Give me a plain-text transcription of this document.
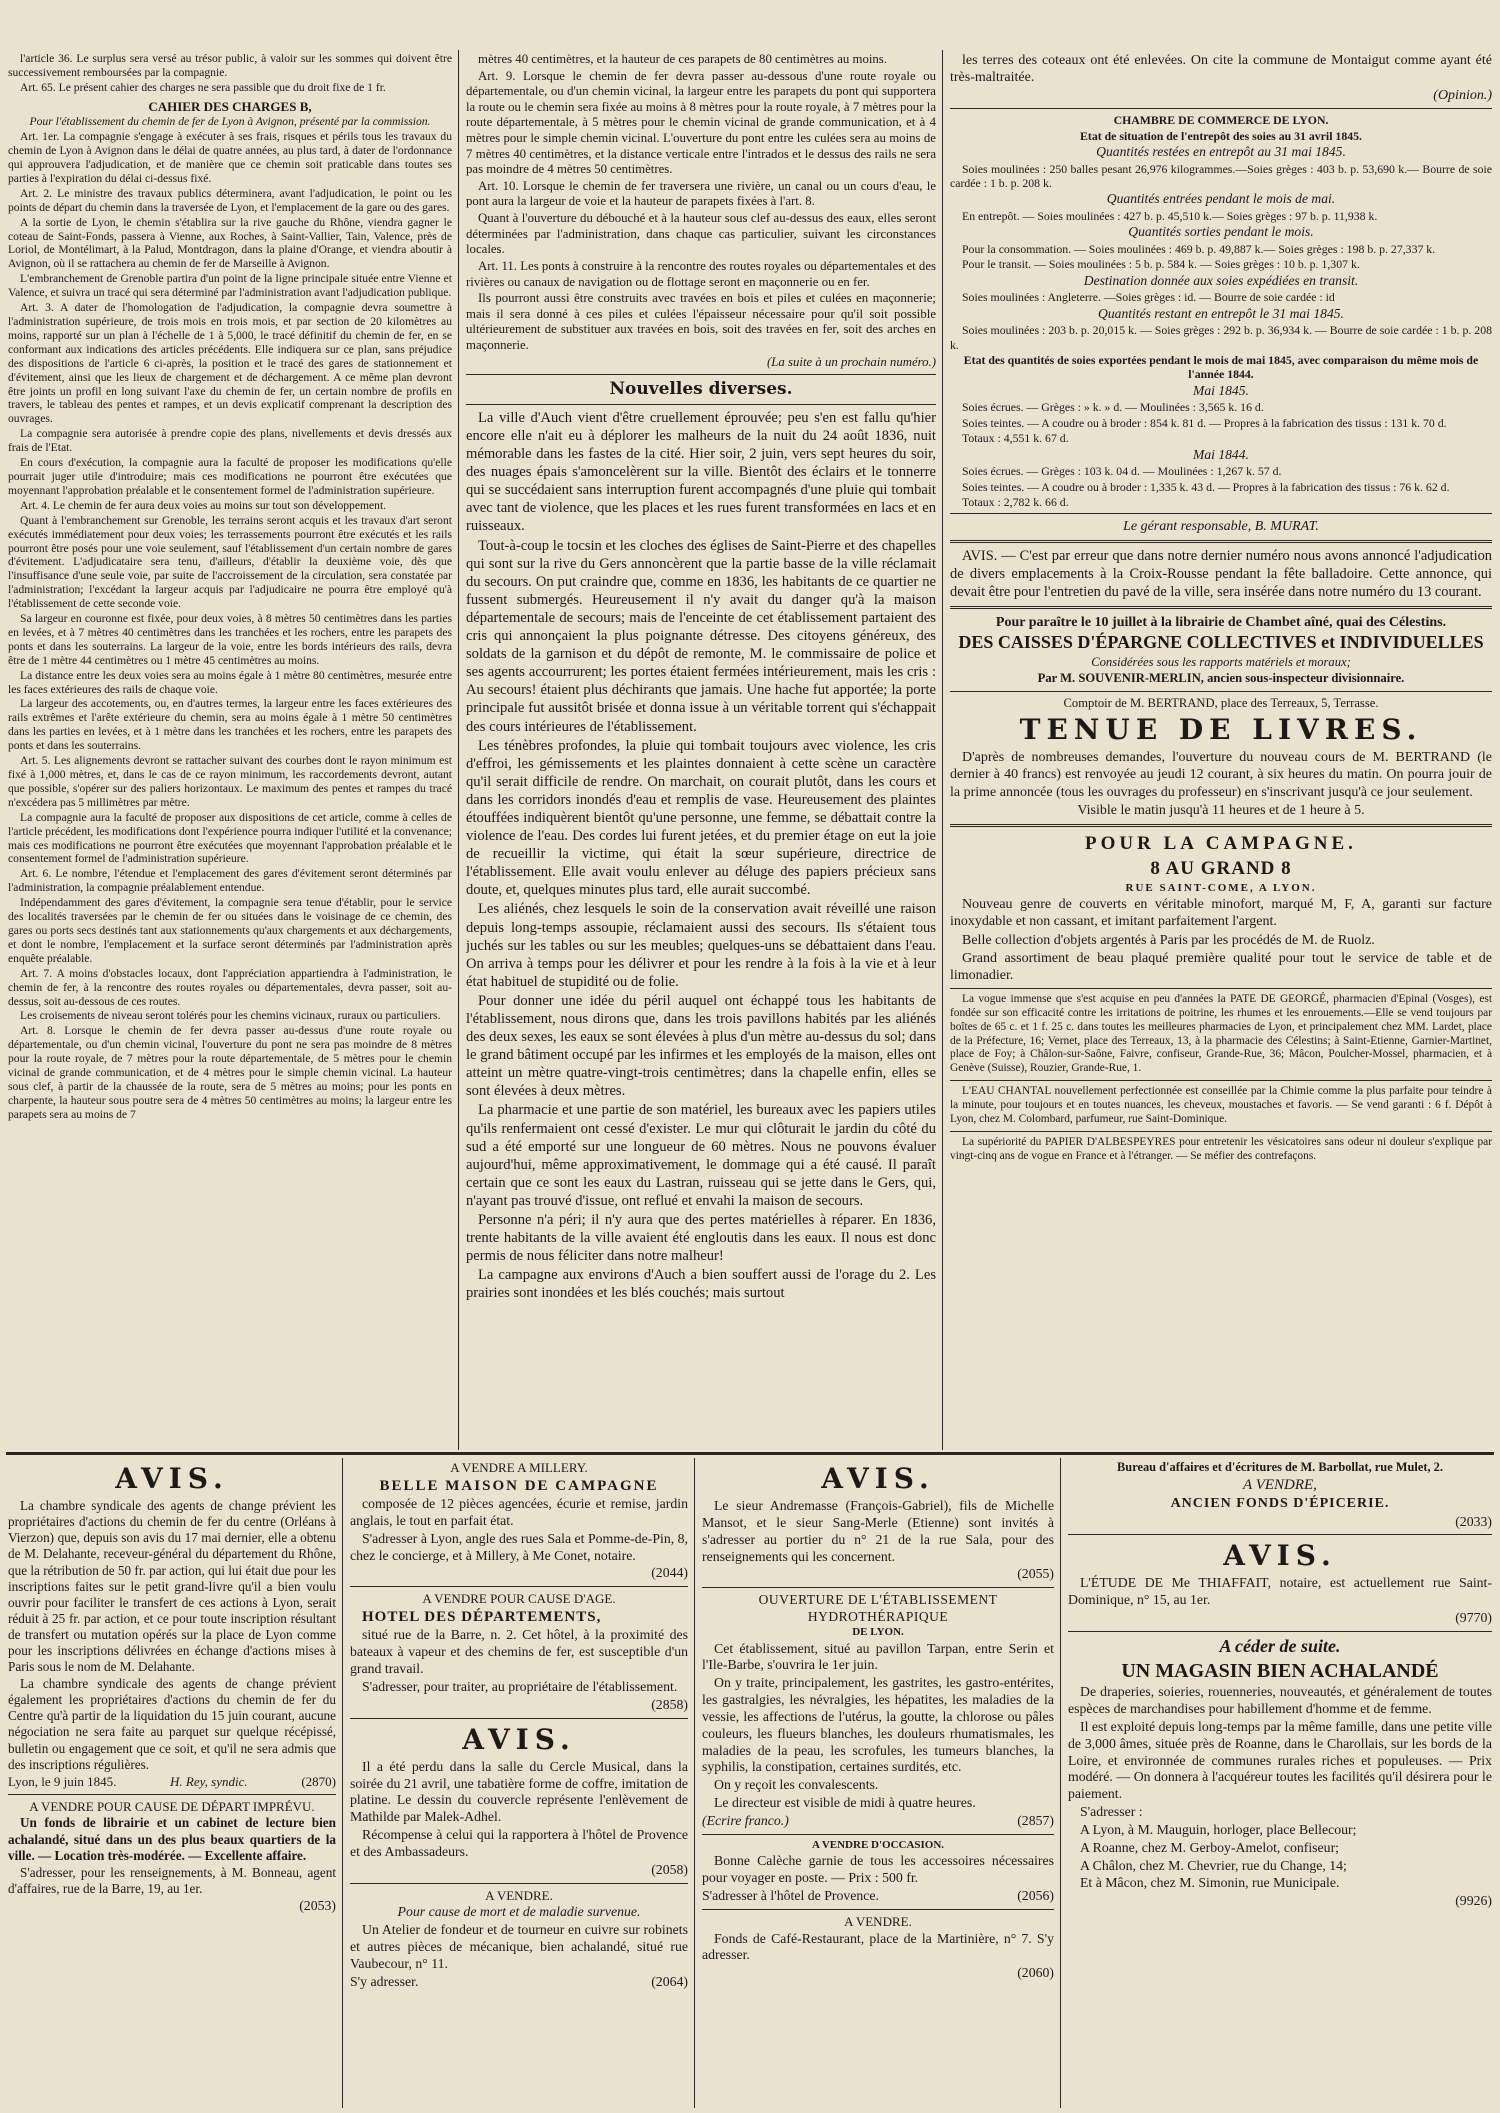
l'article 36. Le surplus sera versé au trésor public, à valoir sur les sommes qui doivent être successivement remboursées par la compagnie.

Art. 65. Le présent cahier des charges ne sera passible que du droit fixe de 1 fr.

CAHIER DES CHARGES B,

Pour l'établissement du chemin de fer de Lyon à Avignon, présenté par la commission.

Art. 1er. La compagnie s'engage à exécuter à ses frais, risques et périls tous les travaux du chemin de Lyon à Avignon dans le délai de quatre années, au plus tard, à dater de l'ordonnance qui approuvera l'adjudication, et de manière que ce chemin soit praticable dans toutes ses parties à l'expiration du délai ci-dessus fixé.

Art. 2. Le ministre des travaux publics déterminera, avant l'adjudication, le point ou les points de départ du chemin dans la traversée de Lyon, et l'emplacement de la gare ou des gares.

A la sortie de Lyon, le chemin s'établira sur la rive gauche du Rhône, viendra gagner le coteau de Saint-Fonds, passera à Vienne, aux Roches, à Saint-Vallier, Tain, Valence, près de Loriol, de Montélimart, à la Palud, Montdragon, dans la plaine d'Orange, et viendra aboutir à Avignon, où il se rattachera au chemin de fer de Marseille à Avignon.

L'embranchement de Grenoble partira d'un point de la ligne principale située entre Vienne et Valence, et suivra un tracé qui sera déterminé par l'administration avant l'adjudication publique.

Art. 3. A dater de l'homologation de l'adjudication, la compagnie devra soumettre à l'administration supérieure, de trois mois en trois mois, et par section de 20 kilomètres au moins, rapporté sur un plan à l'échelle de 1 à 5,000, le tracé définitif du chemin de fer, en se conformant aux indications des articles précédents. Elle indiquera sur ce plan, sans préjudice des dispositions de l'article 6 ci-après, la position et le tracé des gares de stationnement et d'évitement, ainsi que les lieux de chargement et de déchargement. A ce même plan devront être joints un profil en long suivant l'axe du chemin de fer, un certain nombre de profils en travers, le tableau des pentes et rampes, et un devis explicatif comprenant la description des ouvrages.

La compagnie sera autorisée à prendre copie des plans, nivellements et devis dressés aux frais de l'Etat.

En cours d'exécution, la compagnie aura la faculté de proposer les modifications qu'elle pourrait juger utile d'introduire; mais ces modifications ne pourront être exécutées que moyennant l'approbation préalable et le consentement formel de l'administration supérieure.

Art. 4. Le chemin de fer aura deux voies au moins sur tout son développement.

Quant à l'embranchement sur Grenoble, les terrains seront acquis et les travaux d'art seront exécutés immédiatement pour deux voies; les terrassements pourront être exécutés et les rails pourront être posés pour une voie seulement, sauf l'établissement d'un certain nombre de gares d'évitement. L'adjudicataire sera tenu, d'ailleurs, d'établir la deuxième voie, dès que l'insuffisance d'une seule voie, par suite de l'accroissement de la circulation, sera constatée par l'administration; l'excédant la largeur acquis par l'adjudicaire ne pourra être employé qu'à l'établissement de cette seconde voie.

Sa largeur en couronne est fixée, pour deux voies, à 8 mètres 50 centimètres dans les parties en levées, et à 7 mètres 40 centimètres dans les tranchées et les rochers, entre les parapets des ponts et dans les souterrains. La largeur de la voie, entre les bords intérieurs des rails, devra être de 1 mètre 44 centimètres ou 1 mètre 45 centimètres au moins.

La distance entre les deux voies sera au moins égale à 1 mètre 80 centimètres, mesurée entre les faces extérieures des rails de chaque voie.

La largeur des accotements, ou, en d'autres termes, la largeur entre les faces extérieures des rails extrêmes et l'arête extérieure du chemin, sera au moins égale à 1 mètre 50 centimètres dans les parties en levées, et à 1 mètre dans les tranchées et les rochers, entre les parapets des ponts et dans les souterrains.

Art. 5. Les alignements devront se rattacher suivant des courbes dont le rayon minimum est fixé à 1,000 mètres, et, dans le cas de ce rayon minimum, les raccordements devront, autant que possible, s'opérer sur des paliers horizontaux. Le maximum des pentes et rampes du tracé n'excédera pas 5 millimètres par mètre.

La compagnie aura la faculté de proposer aux dispositions de cet article, comme à celles de l'article précédent, les modifications dont l'expérience pourra indiquer l'utilité et la convenance; mais ces modifications ne pourront être exécutées que moyennant l'approbation préalable et le consentement formel de l'administration supérieure.

Art. 6. Le nombre, l'étendue et l'emplacement des gares d'évitement seront déterminés par l'administration, la compagnie préalablement entendue.

Indépendamment des gares d'évitement, la compagnie sera tenue d'établir, pour le service des localités traversées par le chemin de fer ou situées dans le voisinage de ce chemin, des gares ou ports secs destinés tant aux stationnements qu'aux chargements et aux déchargements, et dont le nombre, l'emplacement et la surface seront déterminés par l'administration après enquête préalable.

Art. 7. A moins d'obstacles locaux, dont l'appréciation appartiendra à l'administration, le chemin de fer, à la rencontre des routes royales ou départementales, devra passer, soit au-dessus, soit au-dessous de ces routes.

Les croisements de niveau seront tolérés pour les chemins vicinaux, ruraux ou particuliers.

Art. 8. Lorsque le chemin de fer devra passer au-dessus d'une route royale ou départementale, ou d'un chemin vicinal, l'ouverture du pont ne sera pas moindre de 8 mètres pour la route royale, de 7 mètres pour la route départementale, de 5 mètres pour le chemin vicinal de grande communication, et de 4 mètres pour le simple chemin vicinal. La hauteur sous clef, à partir de la chaussée de la route, sera de 5 mètres au moins; pour les ponts en charpente, la hauteur sous poutre sera de 4 mètres 50 centimètres au moins; la largeur entre les parapets sera au moins de 7

mètres 40 centimètres, et la hauteur de ces parapets de 80 centimètres au moins.

Art. 9. Lorsque le chemin de fer devra passer au-dessous d'une route royale ou départementale, ou d'un chemin vicinal, la largeur entre les parapets du pont qui supportera la route ou le chemin sera fixée au moins à 8 mètres pour la route royale, à 7 mètres pour la route départementale, à 5 mètres pour le chemin vicinal de grande communication, et à 4 mètres pour le simple chemin vicinal. L'ouverture du pont entre les culées sera au moins de 7 mètres 40 centimètres, et la distance verticale entre l'intrados et le dessus des rails ne sera pas moindre de 4 mètres 50 centimètres.

Art. 10. Lorsque le chemin de fer traversera une rivière, un canal ou un cours d'eau, le pont aura la largeur de voie et la hauteur de parapets fixées à l'art. 8.

Quant à l'ouverture du débouché et à la hauteur sous clef au-dessus des eaux, elles seront déterminées par l'administration, dans chaque cas particulier, suivant les circonstances locales.

Art. 11. Les ponts à construire à la rencontre des routes royales ou départementales et des rivières ou canaux de navigation ou de flottage seront en maçonnerie ou en fer.

Ils pourront aussi être construits avec travées en bois et piles et culées en maçonnerie; mais il sera donné à ces piles et culées l'épaisseur nécessaire pour qu'il soit possible ultérieurement de substituer aux travées en bois, soit des travées en fer, soit des arches en maçonnerie.

(La suite à un prochain numéro.)

Nouvelles diverses.

La ville d'Auch vient d'être cruellement éprouvée; peu s'en est fallu qu'hier encore elle n'ait eu à déplorer les malheurs de la nuit du 24 août 1836, nuit mémorable dans les fastes de la cité. Hier soir, 2 juin, vers sept heures du soir, des nuages épais s'amoncelèrent sur la ville. Bientôt des éclairs et le tonnerre qui se succédaient sans interruption furent accompagnés d'une pluie qui tombait avec tant de violence, que les places et les rues furent transformées en lacs et en ruisseaux.

Tout-à-coup le tocsin et les cloches des églises de Saint-Pierre et des chapelles qui sont sur la rive du Gers annoncèrent que la partie basse de la ville réclamait du secours. On put craindre que, comme en 1836, les habitants de ce quartier ne fussent submergés. Heureusement il n'y avait du danger qu'à la maison départementale de secours; mais de l'enceinte de cet établissement partaient des cris qui annonçaient la plus poignante détresse. Des citoyens généreux, des soldats de la garnison et du dépôt de remonte, M. le commissaire de police et ses agents accourrurent; les portes étaient fermées intérieurement, mais les cris : Au secours! étaient plus déchirants que jamais. Une hache fut apportée; la porte principale fut aussitôt brisée et donna issue à un véritable torrent qui s'échappait des cours intérieures de l'établissement.

Les ténèbres profondes, la pluie qui tombait toujours avec violence, les cris d'effroi, les gémissements et les plaintes donnaient à cette scène un caractère qu'il serait difficile de rendre. On marchait, on courait plutôt, dans les cours et dans les corridors inondés d'eau et remplis de vase. Heureusement des plaintes étouffées indiquèrent bientôt qu'une personne, une femme, se débattait contre la violence de l'eau. Des cordes lui furent jetées, et du premier étage on eut la joie de recueillir la victime, qui était la sœur supérieure, directrice de l'établissement. Elle avait voulu enlever au déluge des papiers précieux sans doute, et, quelques minutes plus tard, elle aurait succombé.

Les aliénés, chez lesquels le soin de la conservation avait réveillé une raison depuis long-temps assoupie, réclamaient aussi des secours. Ils s'étaient tous juchés sur les tables ou sur les meubles; quelques-uns se débattaient dans l'eau. On arriva à temps pour les délivrer et pour les rendre à la fois à la vie et à leur état habituel de stupidité ou de folie.

Pour donner une idée du péril auquel ont échappé tous les habitants de l'établissement, nous dirons que, dans les trois pavillons habités par les aliénés des deux sexes, les eaux se sont élevées à plus d'un mètre au-dessus du sol; dans le grand bâtiment occupé par les infirmes et les employés de la maison, elles ont atteint un mètre quatre-vingt-trois centimètres; dans la chapelle enfin, elles se sont élevées à deux mètres.

La pharmacie et une partie de son matériel, les bureaux avec les papiers utiles qu'ils renfermaient ont cessé d'exister. Le mur qui clôturait le jardin du côté du sud a été emporté sur une longueur de 60 mètres. Nous ne pouvons évaluer aujourd'hui, même approximativement, le dommage qui a été causé. Il paraît certain que ce sont les eaux du Lastran, ruisseau qui se jette dans le Gers, qui, n'ayant pas trouvé d'issue, ont reflué et envahi la maison de secours.

Personne n'a péri; il n'y aura que des pertes matérielles à réparer. En 1836, trente habitants de la ville avaient été engloutis dans les eaux. Il nous est donc permis de nous féliciter dans notre malheur!

La campagne aux environs d'Auch a bien souffert aussi de l'orage du 2. Les prairies sont inondées et les blés couchés; mais surtout

les terres des coteaux ont été enlevées. On cite la commune de Montaigut comme ayant été très-maltraitée.

(Opinion.)

CHAMBRE DE COMMERCE DE LYON.

Etat de situation de l'entrepôt des soies au 31 avril 1845.

Quantités restées en entrepôt au 31 mai 1845.

Soies moulinées : 250 balles pesant 26,976 kilogrammes.—Soies grèges : 403 b. p. 53,690 k.— Bourre de soie cardée : 1 b. p. 208 k.

Quantités entrées pendant le mois de mai.

En entrepôt. — Soies moulinées : 427 b. p. 45,510 k.— Soies grèges : 97 b. p. 11,938 k.

Quantités sorties pendant le mois.

Pour la consommation. — Soies moulinées : 469 b. p. 49,887 k.— Soies grèges : 198 b. p. 27,337 k.

Pour le transit. — Soies moulinées : 5 b. p. 584 k. — Soies grèges : 10 b. p. 1,307 k.

Destination donnée aux soies expédiées en transit.

Soies moulinées : Angleterre. —Soies grèges : id. — Bourre de soie cardée : id

Quantités restant en entrepôt le 31 mai 1845.

Soies moulinées : 203 b. p. 20,015 k. — Soies grèges : 292 b. p. 36,934 k. — Bourre de soie cardée : 1 b. p. 208 k.

Etat des quantités de soies exportées pendant le mois de mai 1845, avec comparaison du même mois de l'année 1844.

Mai 1845.

Soies écrues. — Grèges : » k. » d. — Moulinées : 3,565 k. 16 d.

Soies teintes. — A coudre ou à broder : 854 k. 81 d. — Propres à la fabrication des tissus : 131 k. 70 d.

Totaux : 4,551 k. 67 d.

Mai 1844.

Soies écrues. — Grèges : 103 k. 04 d. — Moulinées : 1,267 k. 57 d.

Soies teintes. — A coudre ou à broder : 1,335 k. 43 d. — Propres à la fabrication des tissus : 76 k. 62 d.

Totaux : 2,782 k. 66 d.

Le gérant responsable, B. MURAT.

AVIS. — C'est par erreur que dans notre dernier numéro nous avons annoncé l'adjudication de divers emplacements à la Croix-Rousse pendant la fête balladoire. Cette annonce, qui devait être pour l'entretien du pavé de la ville, sera insérée dans notre numéro du 13 courant.

Pour paraître le 10 juillet à la librairie de Chambet aîné, quai des Célestins.

DES CAISSES D'ÉPARGNE COLLECTIVES et INDIVIDUELLES

Considérées sous les rapports matériels et moraux;

Par M. SOUVENIR-MERLIN, ancien sous-inspecteur divisionnaire.

Comptoir de M. BERTRAND, place des Terreaux, 5, Terrasse.

TENUE DE LIVRES.

D'après de nombreuses demandes, l'ouverture du nouveau cours de M. BERTRAND (le dernier à 40 francs) est renvoyée au jeudi 12 courant, à six heures du matin. On pourra jouir de la prime annoncée (tous les ouvrages du professeur) en s'inscrivant jusqu'à ce jour seulement.

Visible le matin jusqu'à 11 heures et de 1 heure à 5.

POUR LA CAMPAGNE.
8 AU GRAND 8

RUE SAINT-COME, A LYON.

Nouveau genre de couverts en véritable minofort, marqué M, F, A, garanti sur facture inoxydable et non cassant, et imitant parfaitement l'argent.

Belle collection d'objets argentés à Paris par les procédés de M. de Ruolz.

Grand assortiment de beau plaqué première qualité pour tout le service de table et de limonadier.

La vogue immense que s'est acquise en peu d'années la PATE DE GEORGÉ, pharmacien d'Epinal (Vosges), est fondée sur son efficacité contre les irritations de poitrine, les rhumes et les enrouements.—Elle se vend toujours par boîtes de 65 c. et 1 f. 25 c. dans toutes les meilleures pharmacies de Lyon, et principalement chez MM. Lardet, place de la Préfecture, 16; Vernet, place des Terreaux, 13, à la pharmacie des Célestins; à Saint-Etienne, Garnier-Martinet, place de Foy; à Châlon-sur-Saône, Faivre, confiseur, Grande-Rue, 36; Mâcon, Poulcher-Mossel, pharmacien, et à Genève (Suisse), Rouzier, Grande-Rue, 1.

L'EAU CHANTAL nouvellement perfectionnée est conseillée par la Chimie comme la plus parfaite pour teindre à la minute, pour toujours et en toutes nuances, les cheveux, moustaches et favoris. — Se vend garanti : 6 f. Dépôt à Lyon, chez M. Colombard, parfumeur, rue Saint-Dominique.

La supériorité du PAPIER D'ALBESPEYRES pour entretenir les vésicatoires sans odeur ni douleur s'explique par vingt-cinq ans de vogue en France et à l'étranger. — Se méfier des contrefaçons.

AVIS.

La chambre syndicale des agents de change prévient les propriétaires d'actions du chemin de fer du centre (Orléans à Vierzon) que, depuis son avis du 17 mai dernier, elle a obtenu de M. Delahante, receveur-général du département du Rhône, que la rétribution de 50 fr. par action, qui lui était due pour les inscriptions faites sur le petit grand-livre qu'il a bien voulu ouvrir pour faciliter le transfert de ces actions à Lyon, serait réduit à 25 fr. par action, et ce pour toute inscription résultant de transfert ou mutation opérés sur la place de Lyon comme pour les inscriptions délivrées en échange d'actions mises à Paris sous le nom de M. Delahante.

La chambre syndicale des agents de change prévient également les propriétaires d'actions du chemin de fer du Centre qu'à partir de la liquidation du 15 juin courant, aucune négociation ne sera faite au parquet sur quelque récépissé, bulletin ou engagement que ce soit, et qu'il ne sera admis que des inscriptions régulières.

Lyon, le 9 juin 1845.	H. Rey, syndic.	(2870)

A VENDRE POUR CAUSE DE DÉPART IMPRÉVU.

Un fonds de librairie et un cabinet de lecture bien achalandé, situé dans un des plus beaux quartiers de la ville. — Location très-modérée. — Excellente affaire.

S'adresser, pour les renseignements, à M. Bonneau, agent d'affaires, rue de la Barre, 19, au 1er.

(2053)

A VENDRE A MILLERY.

BELLE MAISON DE CAMPAGNE

composée de 12 pièces agencées, écurie et remise, jardin anglais, le tout en parfait état.

S'adresser à Lyon, angle des rues Sala et Pomme-de-Pin, 8, chez le concierge, et à Millery, à Me Conet, notaire.

(2044)

A VENDRE POUR CAUSE D'AGE.

HOTEL DES DÉPARTEMENTS,

situé rue de la Barre, n. 2. Cet hôtel, à la proximité des bateaux à vapeur et des chemins de fer, est susceptible d'un grand travail.

S'adresser, pour traiter, au propriétaire de l'établissement.

(2858)

AVIS.

Il a été perdu dans la salle du Cercle Musical, dans la soirée du 21 avril, une tabatière forme de coffre, imitation de platine. Le dessin du couvercle représente l'enlèvement de Mathilde par Malek-Adhel.

Récompense à celui qui la rapportera à l'hôtel de Provence et des Ambassadeurs.

(2058)

A VENDRE.

Pour cause de mort et de maladie survenue.

Un Atelier de fondeur et de tourneur en cuivre sur robinets et autres pièces de mécanique, bien achalandé, situé rue Vaubecour, n° 11.

S'y adresser.	(2064)
AVIS.

Le sieur Andremasse (François-Gabriel), fils de Michelle Mansot, et le sieur Sang-Merle (Etienne) sont invités à s'adresser au portier du n° 21 de la rue Sala, pour des renseignements qui les concernent.

(2055)

OUVERTURE DE L'ÉTABLISSEMENT HYDROTHÉRAPIQUE

DE LYON.

Cet établissement, situé au pavillon Tarpan, entre Serin et l'Ile-Barbe, s'ouvrira le 1er juin.

On y traite, principalement, les gastrites, les gastro-entérites, les gastralgies, les névralgies, les hépatites, les maladies de la vessie, les affections de l'utérus, la goutte, la chlorose ou pâles couleurs, les flueurs blanches, les douleurs rhumatismales, les maladies de la peau, les scrofules, les tumeurs blanches, la syphilis, la constipation, certaines surdités, etc.

On y reçoit les convalescents.

Le directeur est visible de midi à quatre heures.

(Ecrire franco.)	(2857)

A VENDRE D'OCCASION.

Bonne Calèche garnie de tous les accessoires nécessaires pour voyager en poste. — Prix : 500 fr.

S'adresser à l'hôtel de Provence.	(2056)

A VENDRE.

Fonds de Café-Restaurant, place de la Martinière, n° 7. S'y adresser.

(2060)

Bureau d'affaires et d'écritures de M. Barbollat, rue Mulet, 2.

A VENDRE,

ANCIEN FONDS D'ÉPICERIE.

(2033)

AVIS.

L'ÉTUDE DE Me THIAFFAIT, notaire, est actuellement rue Saint-Dominique, n° 15, au 1er.

(9770)

A céder de suite.

UN MAGASIN BIEN ACHALANDÉ

De draperies, soieries, rouenneries, nouveautés, et généralement de toutes espèces de marchandises pour habillement d'homme et de femme.

Il est exploité depuis long-temps par la même famille, dans une petite ville de 3,000 âmes, située près de Roanne, dans le Charollais, sur les bords de la Loire, et environnée de communes rurales riches et populeuses. — Prix modéré. — On donnera à l'acquéreur toutes les facilités qu'il désirera pour le paiement.

S'adresser :

A Lyon, à M. Mauguin, horloger, place Bellecour;

A Roanne, chez M. Gerboy-Amelot, confiseur;

A Châlon, chez M. Chevrier, rue du Change, 14;

Et à Mâcon, chez M. Simonin, rue Municipale.

(9926)
